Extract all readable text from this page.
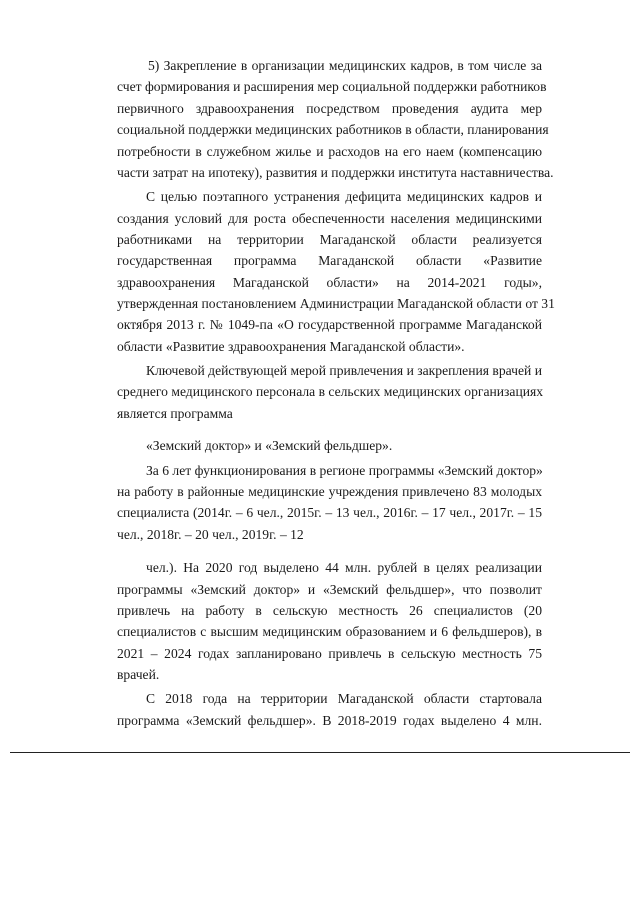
5) Закрепление в организации медицинских кадров, в том числе за
счет формирования и расширения мер социальной поддержки работников
первичного здравоохранения посредством проведения аудита мер
социальной поддержки медицинских работников в области, планирования
потребности в служебном жилье и расходов на его наем (компенсацию
части затрат на ипотеку), развития и поддержки института наставничества.
С целью поэтапного устранения дефицита медицинских кадров и
создания условий для роста обеспеченности населения медицинскими
работниками на территории Магаданской области реализуется
государственная программа Магаданской области «Развитие
здравоохранения Магаданской области» на 2014-2021 годы»,
утвержденная постановлением Администрации Магаданской области от 31
октября 2013 г. № 1049-па «О государственной программе Магаданской
области «Развитие здравоохранения Магаданской области».
Ключевой действующей мерой привлечения и закрепления врачей и
среднего медицинского персонала в сельских медицинских организациях
является программа
«Земский доктор» и «Земский фельдшер».
За 6 лет функционирования в регионе программы «Земский доктор»
на работу в районные медицинские учреждения привлечено 83 молодых
специалиста (2014г. – 6 чел., 2015г. – 13 чел., 2016г. – 17 чел., 2017г. – 15
чел., 2018г. – 20 чел., 2019г. – 12
чел.). На 2020 год выделено 44 млн. рублей в целях реализации
программы «Земский доктор» и «Земский фельдшер», что позволит
привлечь на работу в сельскую местность 26 специалистов (20
специалистов с высшим медицинским образованием и 6 фельдшеров), в
2021 – 2024 годах запланировано привлечь в сельскую местность 75
врачей.
С 2018 года на территории Магаданской области стартовала
программа «Земский фельдшер». В 2018-2019 годах выделено 4 млн.
